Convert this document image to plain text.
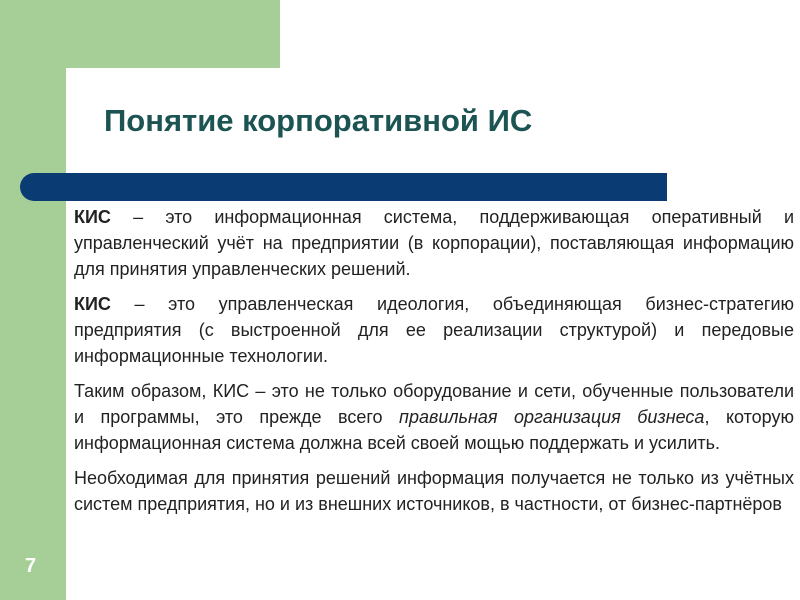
Понятие корпоративной ИС

КИС – это информационная система, поддерживающая оперативный и управленческий учёт на предприятии (в корпорации), поставляющая информацию для принятия управленческих решений.

КИС – это управленческая идеология, объединяющая бизнес-стратегию предприятия (с выстроенной для ее реализации структурой) и передовые информационные технологии.

Таким образом, КИС – это не только оборудование и сети, обученные пользователи и программы, это прежде всего правильная организация бизнеса, которую информационная система должна всей своей мощью поддержать и усилить.

Необходимая для принятия решений информация получается не только из учётных систем предприятия, но и из внешних источников, в частности, от бизнес-партнёров

7
